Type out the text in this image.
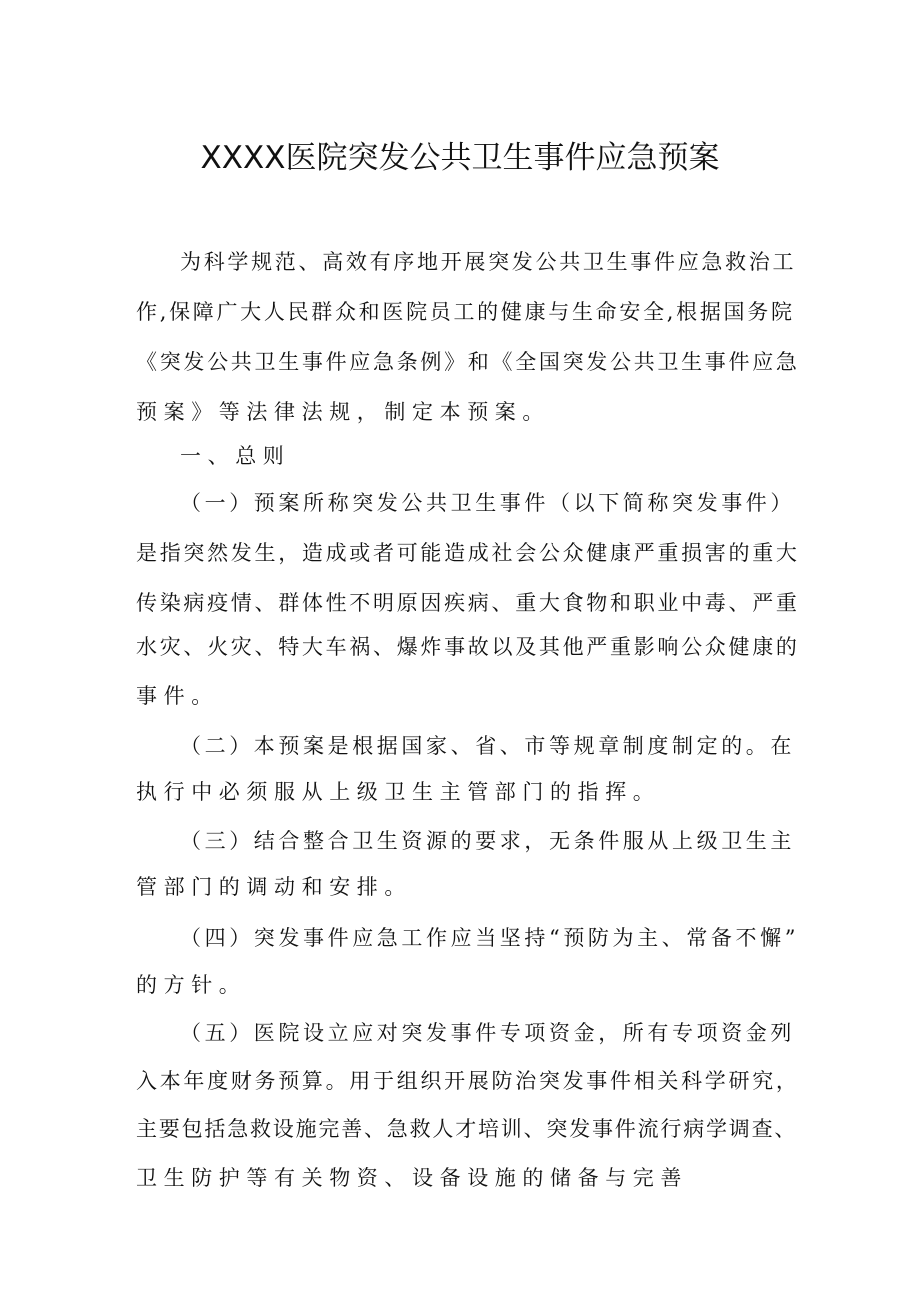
XXXX医院突发公共卫生事件应急预案

为科学规范、高效有序地开展突发公共卫生事件应急救治工

作,保障广大人民群众和医院员工的健康与生命安全,根据国务院

《突发公共卫生事件应急条例》和《全国突发公共卫生事件应急

预案》等法律法规，制定本预案。

一、总则

（一）预案所称突发公共卫生事件（以下简称突发事件）

是指突然发生，造成或者可能造成社会公众健康严重损害的重大

传染病疫情、群体性不明原因疾病、重大食物和职业中毒、严重

水灾、火灾、特大车祸、爆炸事故以及其他严重影响公众健康的

事件。

（二）本预案是根据国家、省、市等规章制度制定的。在

执行中必须服从上级卫生主管部门的指挥。

（三）结合整合卫生资源的要求，无条件服从上级卫生主

管部门的调动和安排。

（四）突发事件应急工作应当坚持“预防为主、常备不懈”

的方针。

（五）医院设立应对突发事件专项资金，所有专项资金列

入本年度财务预算。用于组织开展防治突发事件相关科学研究，

主要包括急救设施完善、急救人才培训、突发事件流行病学调查、

卫生防护等有关物资、设备设施的储备与完善
